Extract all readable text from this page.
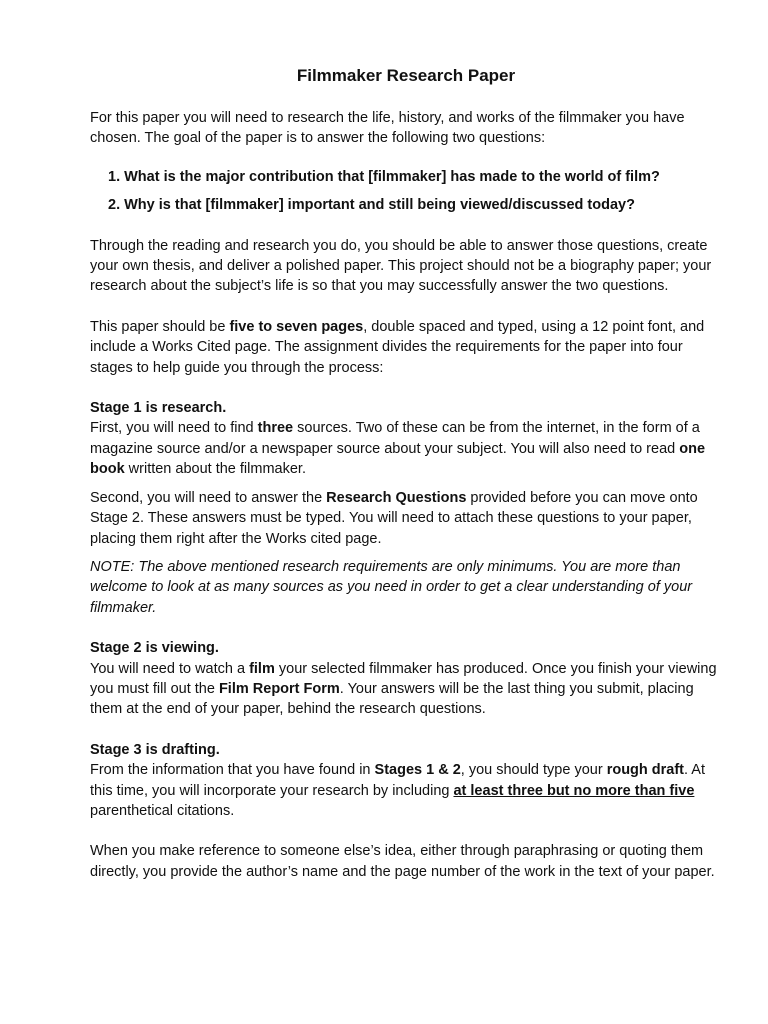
Filmmaker Research Paper

For this paper you will need to research the life, history, and works of the filmmaker you have chosen. The goal of the paper is to answer the following two questions:

1. What is the major contribution that [filmmaker] has made to the world of film?
2. Why is that [filmmaker] important and still being viewed/discussed today?

Through the reading and research you do, you should be able to answer those questions, create your own thesis, and deliver a polished paper. This project should not be a biography paper; your research about the subject’s life is so that you may successfully answer the two questions.

This paper should be five to seven pages, double spaced and typed, using a 12 point font, and include a Works Cited page. The assignment divides the requirements for the paper into four stages to help guide you through the process:

Stage 1 is research.

First, you will need to find three sources. Two of these can be from the internet, in the form of a magazine source and/or a newspaper source about your subject. You will also need to read one book written about the filmmaker.

Second, you will need to answer the Research Questions provided before you can move onto Stage 2. These answers must be typed. You will need to attach these questions to your paper, placing them right after the Works cited page.

NOTE: The above mentioned research requirements are only minimums. You are more than welcome to look at as many sources as you need in order to get a clear understanding of your filmmaker.

Stage 2 is viewing.

You will need to watch a film your selected filmmaker has produced. Once you finish your viewing you must fill out the Film Report Form. Your answers will be the last thing you submit, placing them at the end of your paper, behind the research questions.

Stage 3 is drafting.

From the information that you have found in Stages 1 & 2, you should type your rough draft. At this time, you will incorporate your research by including at least three but no more than five parenthetical citations.

When you make reference to someone else’s idea, either through paraphrasing or quoting them directly, you provide the author’s name and the page number of the work in the text of your paper.
